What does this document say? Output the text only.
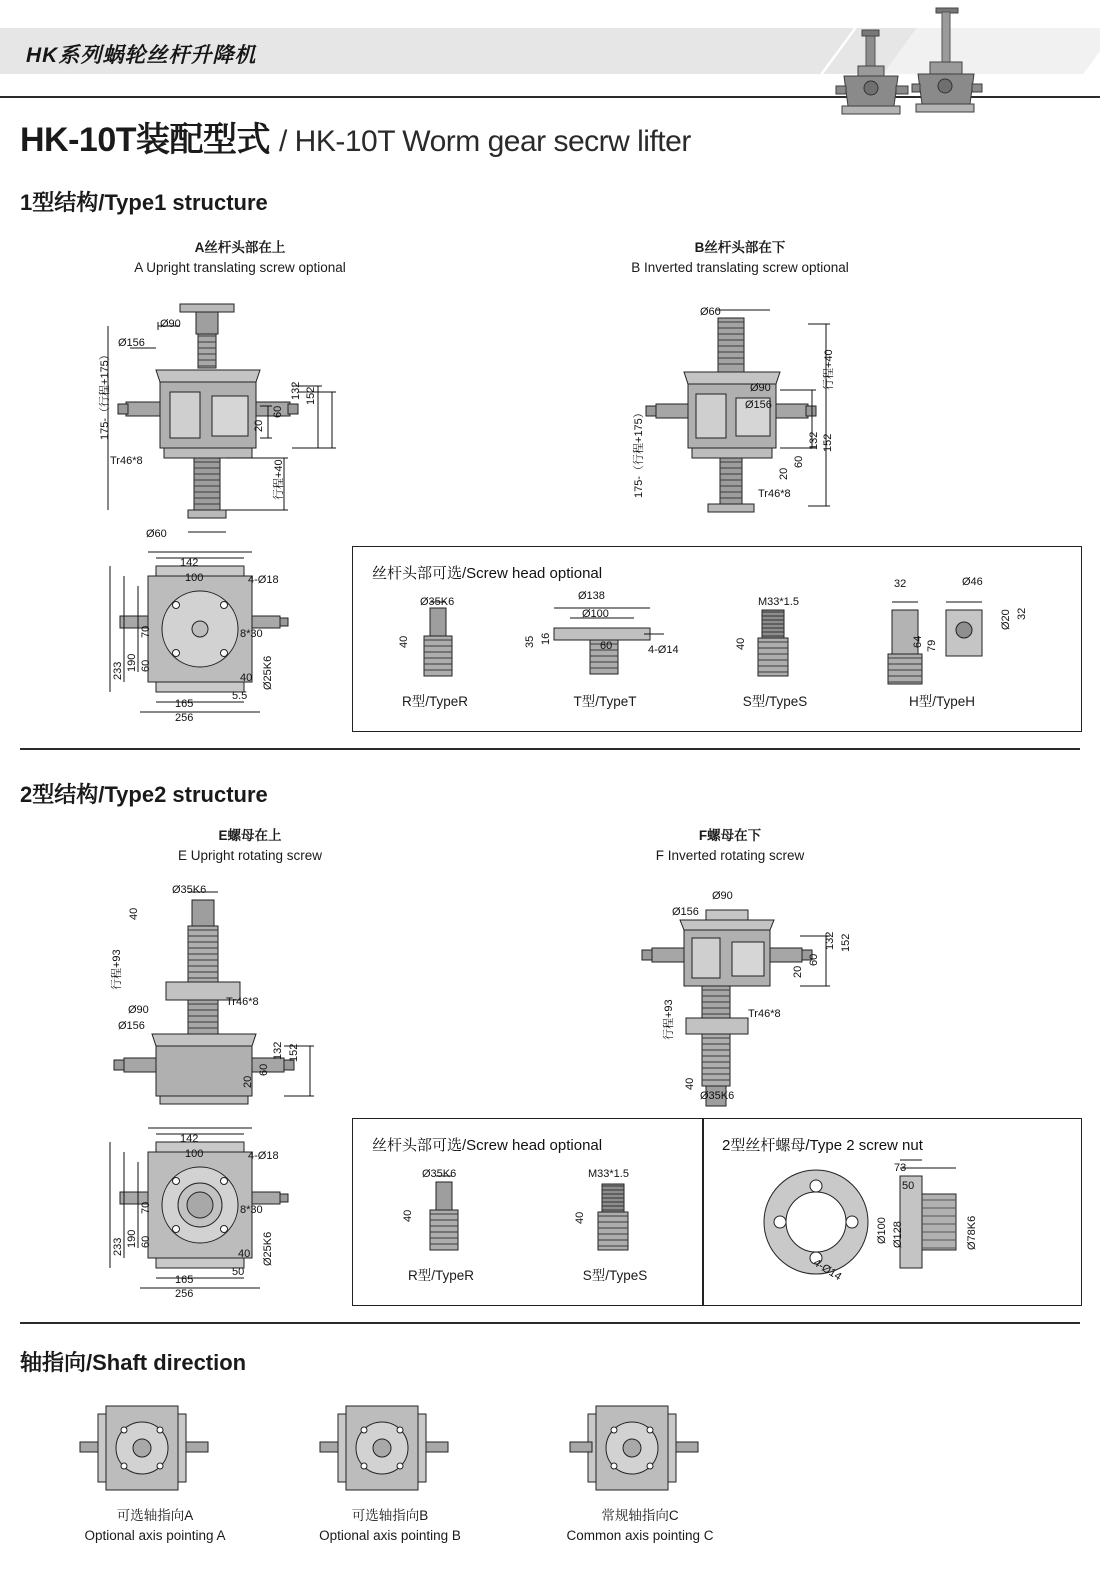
HK系列蜗轮丝杆升降机
HK-10T装配型式 / HK-10T Worm gear secrw lifter
1型结构/Type1 structure
A丝杆头部在上
A Upright translating screw optional
B丝杆头部在下
B Inverted translating screw optional
Ø90
Ø156
175-（行程+175）
Tr46*8
Ø60
132 152
60
20
行程+40
Ø60
Ø90
Ø156
行程+40
175-（行程+175）	Tr46*8
132 152
60
20
142
100	4-Ø18
233 190
70
60
8*30
Ø25K6
40
5.5
165
256
丝杆头部可选/Screw head optional
Ø35K6
40
R型/TypeR
Ø138
Ø100
60
35 16
4-Ø14
T型/TypeT
M33*1.5
40
S型/TypeS
32	Ø46
64 79
Ø20 32
H型/TypeH
2型结构/Type2 structure
E螺母在上
E Upright rotating screw
F螺母在下
F Inverted rotating screw
Ø35K6
40
行程+93
Ø90
Ø156
Tr46*8
132 152
60
20
Ø90
Ø156
132 152
60
20
行程+93	Tr46*8
40
Ø35K6
142
100	4-Ø18
233 190
70
60
8*30
Ø25K6
40
50
165
256
丝杆头部可选/Screw head optional
Ø35K6
40
R型/TypeR
M33*1.5
40
S型/TypeS
2型丝杆螺母/Type 2 screw nut
73
50
Ø100 Ø128	Ø78K6
4-Ø14
轴指向/Shaft direction
可选轴指向A
Optional axis pointing A
可选轴指向B
Optional axis pointing B
常规轴指向C
Common axis pointing C
